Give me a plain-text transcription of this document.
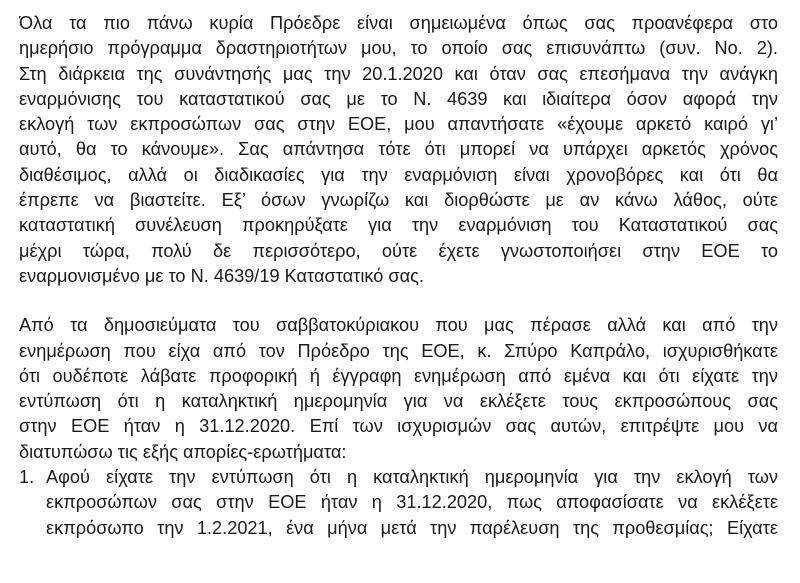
Όλα τα πιο πάνω κυρία Πρόεδρε είναι σημειωμένα όπως σας προανέφερα στο
ημερήσιο πρόγραμμα δραστηριοτήτων μου, το οποίο σας επισυνάπτω (συν. Νο. 2).
Στη διάρκεια της συνάντησής μας την 20.1.2020 και όταν σας επεσήμανα την ανάγκη
εναρμόνισης του καταστατικού σας με το Ν. 4639 και ιδιαίτερα όσον αφορά την
εκλογή των εκπροσώπων σας στην ΕΟΕ, μου απαντήσατε «έχουμε αρκετό καιρό γι’
αυτό, θα το κάνουμε». Σας απάντησα τότε ότι μπορεί να υπάρχει αρκετός χρόνος
διαθέσιμος, αλλά οι διαδικασίες για την εναρμόνιση είναι χρονοβόρες και ότι θα
έπρεπε να βιαστείτε. Εξ’ όσων γνωρίζω και διορθώστε με αν κάνω λάθος, ούτε
καταστατική συνέλευση προκηρύξατε για την εναρμόνιση του Καταστατικού σας
μέχρι τώρα, πολύ δε περισσότερο, ούτε έχετε γνωστοποιήσει στην ΕΟΕ το
εναρμονισμένο με το Ν. 4639/19 Καταστατικό σας.
Από τα δημοσιεύματα του σαββατοκύριακου που μας πέρασε αλλά και από την
ενημέρωση που είχα από τον Πρόεδρο της ΕΟΕ, κ. Σπύρο Καπράλο, ισχυρισθήκατε
ότι ουδέποτε λάβατε προφορική ή έγγραφη ενημέρωση από εμένα και ότι είχατε την
εντύπωση ότι η καταληκτική ημερομηνία για να εκλέξετε τους εκπροσώπους σας
στην ΕΟΕ ήταν η 31.12.2020. Επί των ισχυρισμών σας αυτών, επιτρέψτε μου να
διατυπώσω τις εξής απορίες-ερωτήματα:
1. Αφού είχατε την εντύπωση ότι η καταληκτική ημερομηνία για την εκλογή των
εκπροσώπων σας στην ΕΟΕ ήταν η 31.12.2020, πως αποφασίσατε να εκλέξετε
εκπρόσωπο την 1.2.2021, ένα μήνα μετά την παρέλευση της προθεσμίας; Είχατε
